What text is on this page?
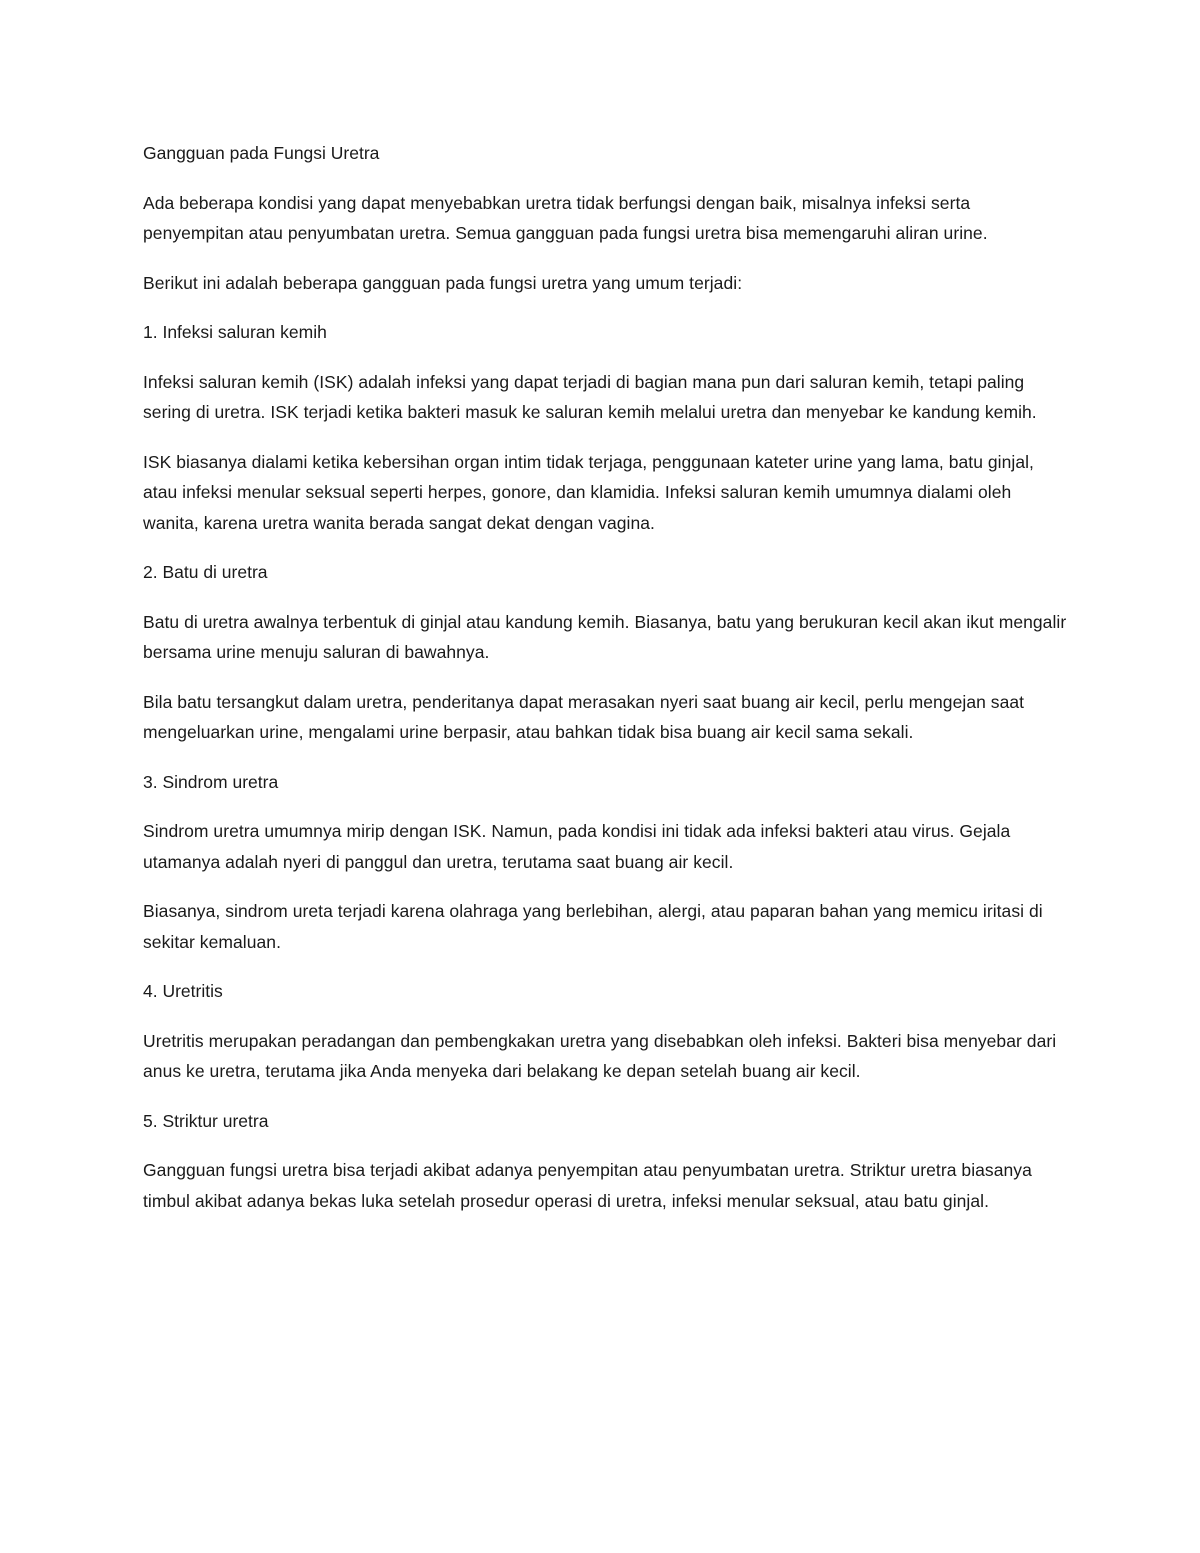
Gangguan pada Fungsi Uretra

Ada beberapa kondisi yang dapat menyebabkan uretra tidak berfungsi dengan baik, misalnya infeksi serta penyempitan atau penyumbatan uretra. Semua gangguan pada fungsi uretra bisa memengaruhi aliran urine.

Berikut ini adalah beberapa gangguan pada fungsi uretra yang umum terjadi:

1. Infeksi saluran kemih

Infeksi saluran kemih (ISK) adalah infeksi yang dapat terjadi di bagian mana pun dari saluran kemih, tetapi paling sering di uretra. ISK terjadi ketika bakteri masuk ke saluran kemih melalui uretra dan menyebar ke kandung kemih.

ISK biasanya dialami ketika kebersihan organ intim tidak terjaga, penggunaan kateter urine yang lama, batu ginjal, atau infeksi menular seksual seperti herpes, gonore, dan klamidia. Infeksi saluran kemih umumnya dialami oleh wanita, karena uretra wanita berada sangat dekat dengan vagina.

2. Batu di uretra

Batu di uretra awalnya terbentuk di ginjal atau kandung kemih. Biasanya, batu yang berukuran kecil akan ikut mengalir bersama urine menuju saluran di bawahnya.

Bila batu tersangkut dalam uretra, penderitanya dapat merasakan nyeri saat buang air kecil, perlu mengejan saat mengeluarkan urine, mengalami urine berpasir, atau bahkan tidak bisa buang air kecil sama sekali.

3. Sindrom uretra

Sindrom uretra umumnya mirip dengan ISK. Namun, pada kondisi ini tidak ada infeksi bakteri atau virus. Gejala utamanya adalah nyeri di panggul dan uretra, terutama saat buang air kecil.

Biasanya, sindrom ureta terjadi karena olahraga yang berlebihan, alergi, atau paparan bahan yang memicu iritasi di sekitar kemaluan.

4. Uretritis

Uretritis merupakan peradangan dan pembengkakan uretra yang disebabkan oleh infeksi. Bakteri bisa menyebar dari anus ke uretra, terutama jika Anda menyeka dari belakang ke depan setelah buang air kecil.

5. Striktur uretra

Gangguan fungsi uretra bisa terjadi akibat adanya penyempitan atau penyumbatan uretra. Striktur uretra biasanya timbul akibat adanya bekas luka setelah prosedur operasi di uretra, infeksi menular seksual, atau batu ginjal.
